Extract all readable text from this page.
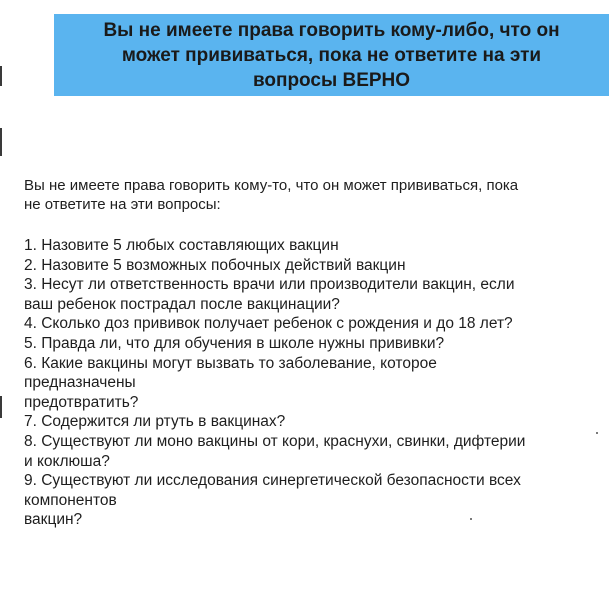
Вы не имеете права говорить кому-либо, что он
может прививаться, пока не ответите на эти
вопросы ВЕРНО
Вы не имеете права говорить кому-то, что он может прививаться, пока
не ответите на эти вопросы:
1. Назовите 5 любых составляющих вакцин
2. Назовите 5 возможных побочных действий вакцин
3. Несут ли ответственность врачи или производители вакцин, если
ваш ребенок пострадал после вакцинации?
4. Сколько доз прививок получает ребенок с рождения и до 18 лет?
5. Правда ли, что для обучения в школе нужны прививки?
6. Какие вакцины могут вызвать то заболевание, которое
предназначены
предотвратить?
7. Содержится ли ртуть в вакцинах?
8. Существуют ли моно вакцины от кори, краснухи, свинки, дифтерии
и коклюша?
9. Существуют ли исследования синергетической безопасности всех
компонентов
вакцин?
